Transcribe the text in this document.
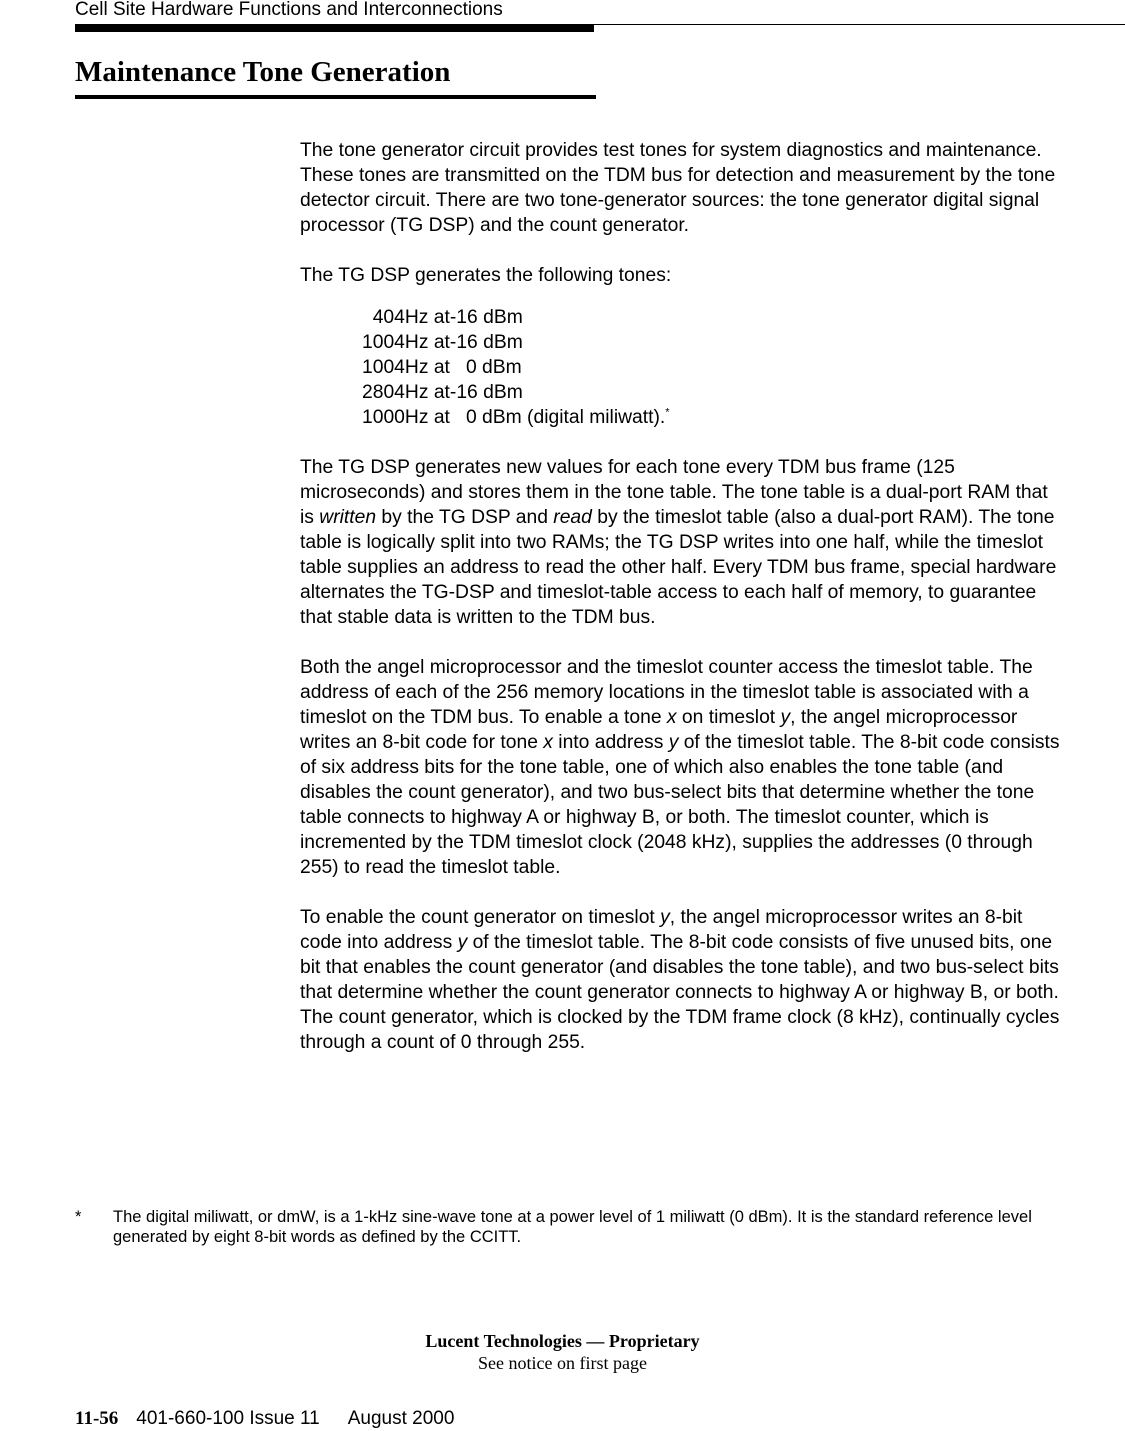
Cell Site Hardware Functions and Interconnections
Maintenance Tone Generation

The tone generator circuit provides test tones for system diagnostics and maintenance. These tones are transmitted on the TDM bus for detection and measurement by the tone detector circuit. There are two tone-generator sources: the tone generator digital signal processor (TG DSP) and the count generator.

The TG DSP generates the following tones:

404Hz at-16 dBm
1004Hz at-16 dBm
1004Hz at   0 dBm
2804Hz at-16 dBm
1000Hz at   0 dBm (digital miliwatt).*

The TG DSP generates new values for each tone every TDM bus frame (125 microseconds) and stores them in the tone table. The tone table is a dual-port RAM that is written by the TG DSP and read by the timeslot table (also a dual-port RAM). The tone table is logically split into two RAMs; the TG DSP writes into one half, while the timeslot table supplies an address to read the other half. Every TDM bus frame, special hardware alternates the TG-DSP and timeslot-table access to each half of memory, to guarantee that stable data is written to the TDM bus.

Both the angel microprocessor and the timeslot counter access the timeslot table. The address of each of the 256 memory locations in the timeslot table is associated with a timeslot on the TDM bus. To enable a tone x on timeslot y, the angel microprocessor writes an 8-bit code for tone x into address y of the timeslot table. The 8-bit code consists of six address bits for the tone table, one of which also enables the tone table (and disables the count generator), and two bus-select bits that determine whether the tone table connects to highway A or highway B, or both. The timeslot counter, which is incremented by the TDM timeslot clock (2048 kHz), supplies the addresses (0 through 255) to read the timeslot table.

To enable the count generator on timeslot y, the angel microprocessor writes an 8-bit code into address y of the timeslot table. The 8-bit code consists of five unused bits, one bit that enables the count generator (and disables the tone table), and two bus-select bits that determine whether the count generator connects to highway A or highway B, or both. The count generator, which is clocked by the TDM frame clock (8 kHz), continually cycles through a count of 0 through 255.

* The digital miliwatt, or dmW, is a 1-kHz sine-wave tone at a power level of 1 miliwatt (0 dBm). It is the standard reference level generated by eight 8-bit words as defined by the CCITT.
Lucent Technologies — Proprietary
See notice on first page
11-56 401-660-100 Issue 11 August 2000
